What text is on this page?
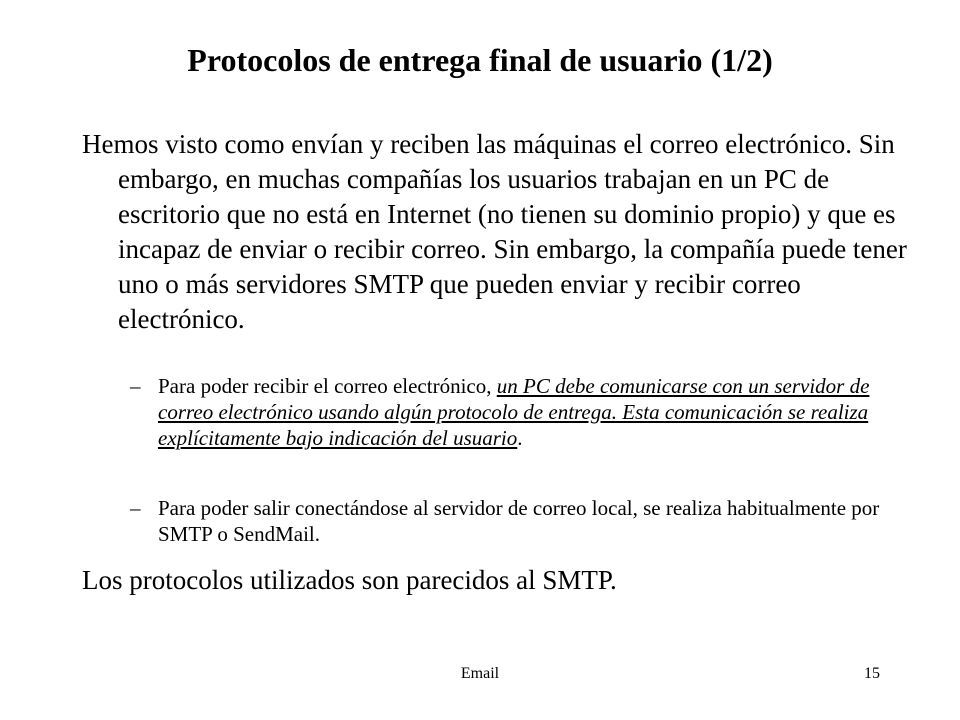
Protocolos de entrega final de usuario (1/2)

Hemos visto como envían y reciben las máquinas el correo electrónico. Sin embargo, en muchas compañías los usuarios trabajan en un PC de escritorio que no está en Internet (no tienen su dominio propio) y que es incapaz de enviar o recibir correo. Sin embargo, la compañía puede tener uno o más servidores SMTP que pueden enviar y recibir correo electrónico.

– Para poder recibir el correo electrónico, un PC debe comunicarse con un servidor de correo electrónico usando algún protocolo de entrega. Esta comunicación se realiza explícitamente bajo indicación del usuario.
– Para poder salir conectándose al servidor de correo local, se realiza habitualmente por SMTP o SendMail.

Los protocolos utilizados son parecidos al SMTP.

Email	15
